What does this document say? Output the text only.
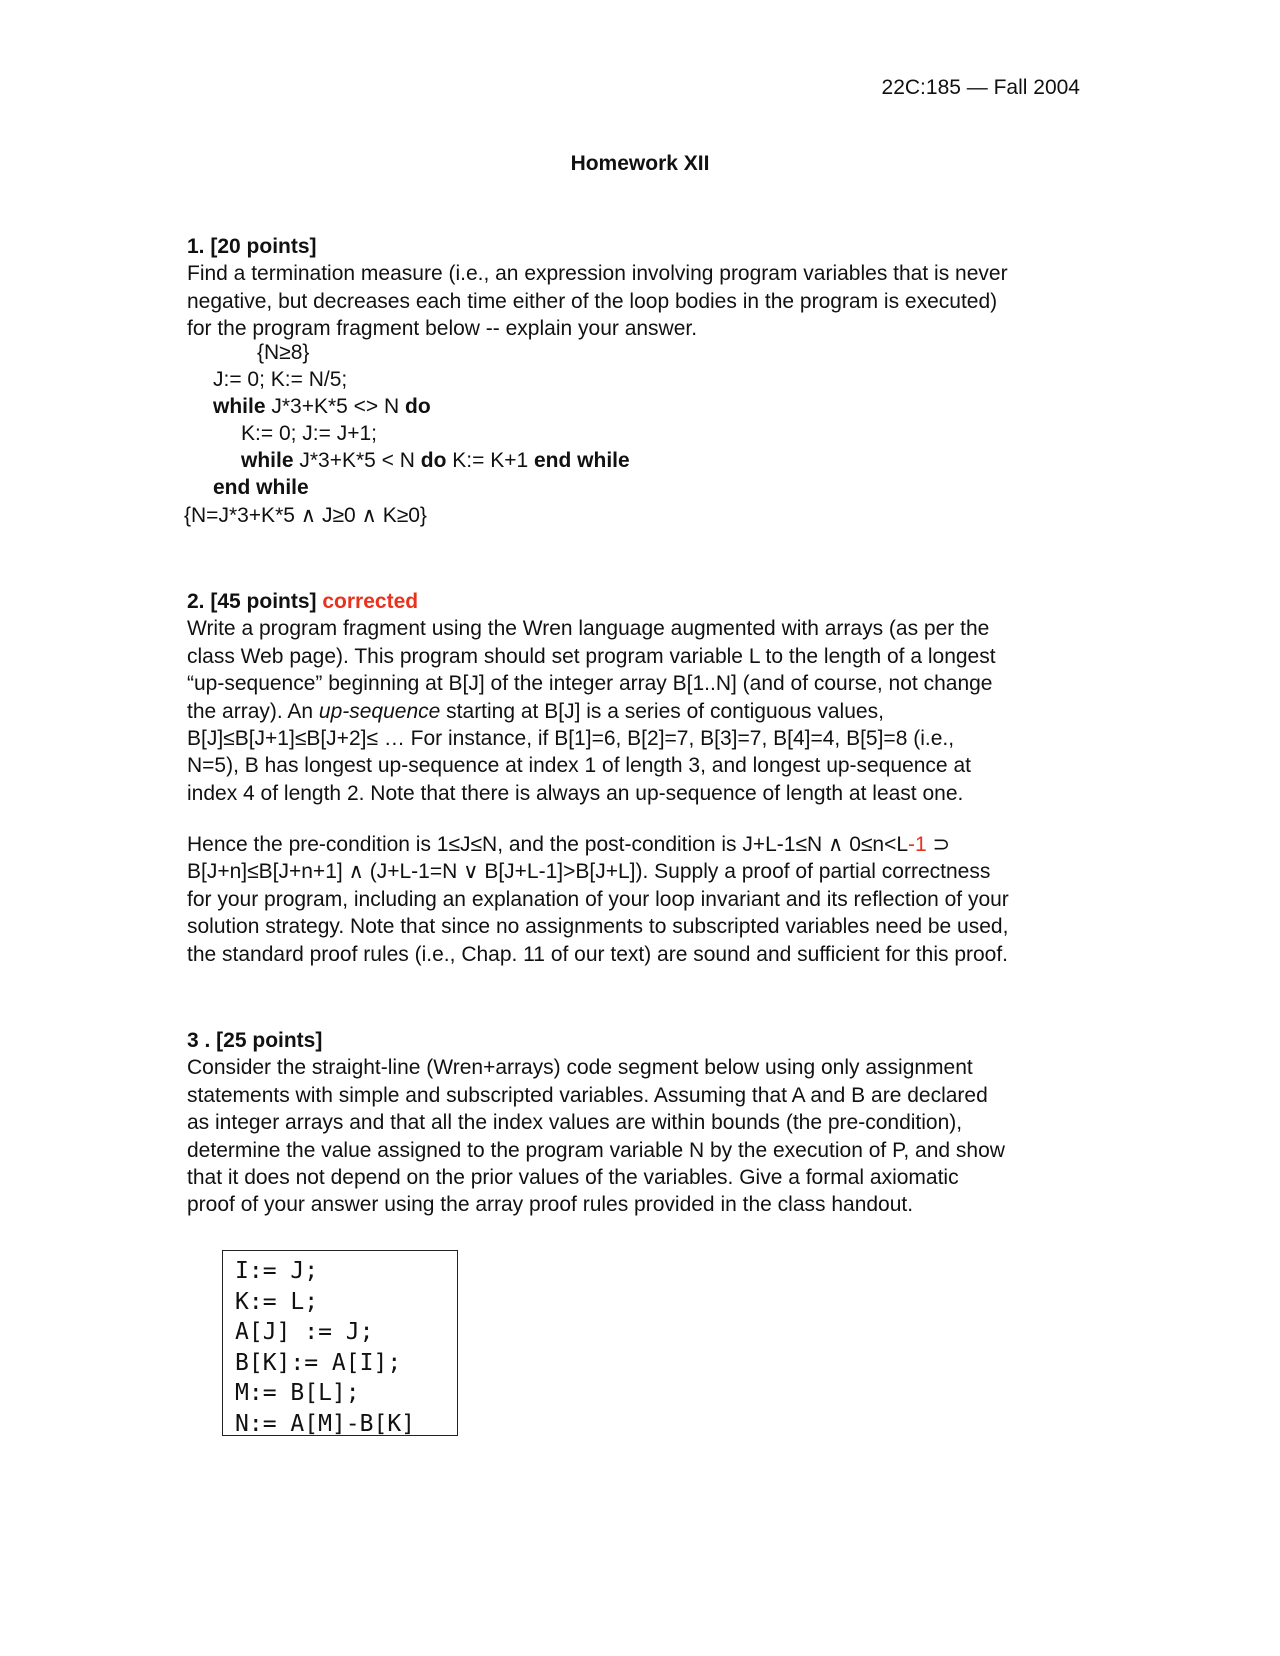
22C:185 — Fall 2004
Homework XII
1. [20 points]
Find a termination measure (i.e., an expression involving program variables that is never
negative, but decreases each time either of the loop bodies in the program is executed)
for the program fragment below -- explain your answer.
{N≥8}
J:= 0; K:= N/5;
while J*3+K*5 <> N do
K:= 0; J:= J+1;
while J*3+K*5 < N do K:= K+1 end while
end while
{N=J*3+K*5 ∧ J≥0 ∧ K≥0}
2. [45 points] corrected
Write a program fragment using the Wren language augmented with arrays (as per the
class Web page). This program should set program variable L to the length of a longest
“up-sequence” beginning at B[J] of the integer array B[1..N] (and of course, not change
the array). An up-sequence starting at B[J] is a series of contiguous values,
B[J]≤B[J+1]≤B[J+2]≤ … For instance, if B[1]=6, B[2]=7, B[3]=7, B[4]=4, B[5]=8 (i.e.,
N=5), B has longest up-sequence at index 1 of length 3, and longest up-sequence at
index 4 of length 2. Note that there is always an up-sequence of length at least one.
Hence the pre-condition is 1≤J≤N, and the post-condition is J+L-1≤N ∧ 0≤n<L-1 ⊃
B[J+n]≤B[J+n+1] ∧ (J+L-1=N ∨ B[J+L-1]>B[J+L]). Supply a proof of partial correctness
for your program, including an explanation of your loop invariant and its reflection of your
solution strategy. Note that since no assignments to subscripted variables need be used,
the standard proof rules (i.e., Chap. 11 of our text) are sound and sufficient for this proof.
3 . [25 points]
Consider the straight-line (Wren+arrays) code segment below using only assignment
statements with simple and subscripted variables. Assuming that A and B are declared
as integer arrays and that all the index values are within bounds (the pre-condition),
determine the value assigned to the program variable N by the execution of P, and show
that it does not depend on the prior values of the variables. Give a formal axiomatic
proof of your answer using the array proof rules provided in the class handout.
I:= J;
K:= L;
A[J] := J;
B[K]:= A[I];
M:= B[L];
N:= A[M]-B[K]
